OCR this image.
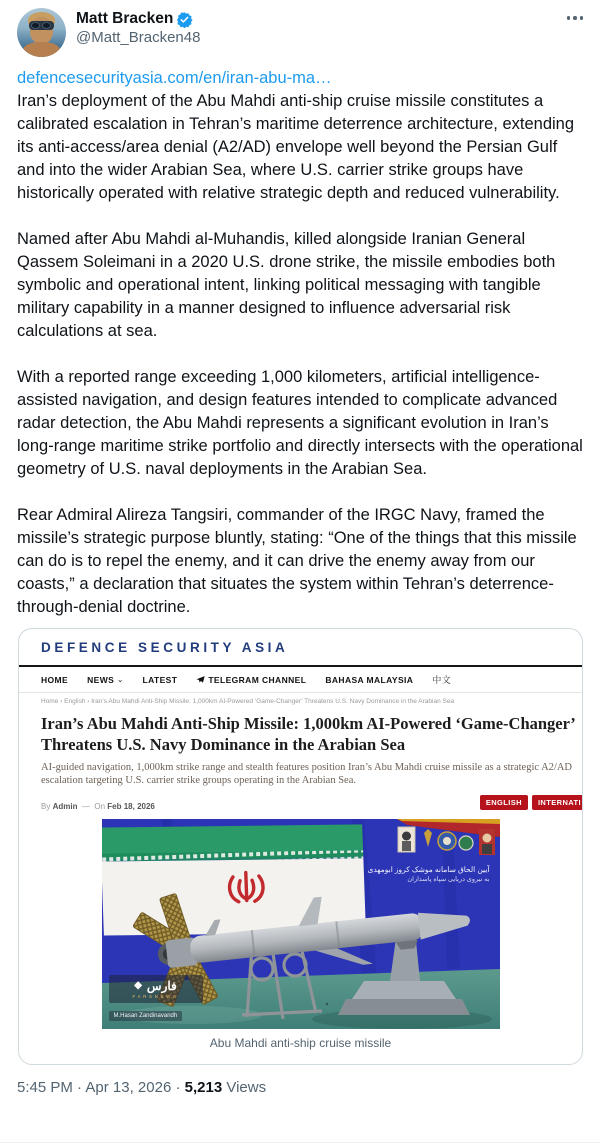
Matt Bracken
@Matt_Bracken48
defencesecurityasia.com/en/iran-abu-ma…

Iran’s deployment of the Abu Mahdi anti-ship cruise missile constitutes a calibrated escalation in Tehran’s maritime deterrence architecture, extending its anti-access/area denial (A2/AD) envelope well beyond the Persian Gulf and into the wider Arabian Sea, where U.S. carrier strike groups have historically operated with relative strategic depth and reduced vulnerability.

Named after Abu Mahdi al-Muhandis, killed alongside Iranian General Qassem Soleimani in a 2020 U.S. drone strike, the missile embodies both symbolic and operational intent, linking political messaging with tangible military capability in a manner designed to influence adversarial risk calculations at sea.

With a reported range exceeding 1,000 kilometers, artificial intelligence-assisted navigation, and design features intended to complicate advanced radar detection, the Abu Mahdi represents a significant evolution in Iran’s long-range maritime strike portfolio and directly intersects with the operational geometry of U.S. naval deployments in the Arabian Sea.

Rear Admiral Alireza Tangsiri, commander of the IRGC Navy, framed the missile’s strategic purpose bluntly, stating: “One of the things that this missile can do is to repel the enemy, and it can drive the enemy away from our coasts,” a declaration that situates the system within Tehran’s deterrence-through-denial doctrine.

DEFENCE SECURITY ASIA
HOME NEWS ⌄ LATEST	TELEGRAM CHANNEL BAHASA MALAYSIA 中文
Home › English › Iran’s Abu Mahdi Anti-Ship Missile: 1,000km AI-Powered ‘Game-Changer’ Threatens U.S. Navy Dominance in the Arabian Sea
Iran’s Abu Mahdi Anti-Ship Missile: 1,000km AI-Powered ‘Game-Changer’
Threatens U.S. Navy Dominance in the Arabian Sea
AI-guided navigation, 1,000km strike range and stealth features position Iran’s Abu Mahdi cruise missile as a strategic A2/AD
escalation targeting U.S. carrier strike groups operating in the Arabian Sea.
By Admin — On Feb 18, 2026	ENGLISH	INTERNATI
آیین الحاق سامانه موشک کروز ابومهدی
به نیروی دریایی سپاه پاسداران
◆ فارس
FARSNEWS
M.Hasan Zandinavandh
Abu Mahdi anti-ship cruise missile
5:45 PM · Apr 13, 2026 · 5,213 Views
